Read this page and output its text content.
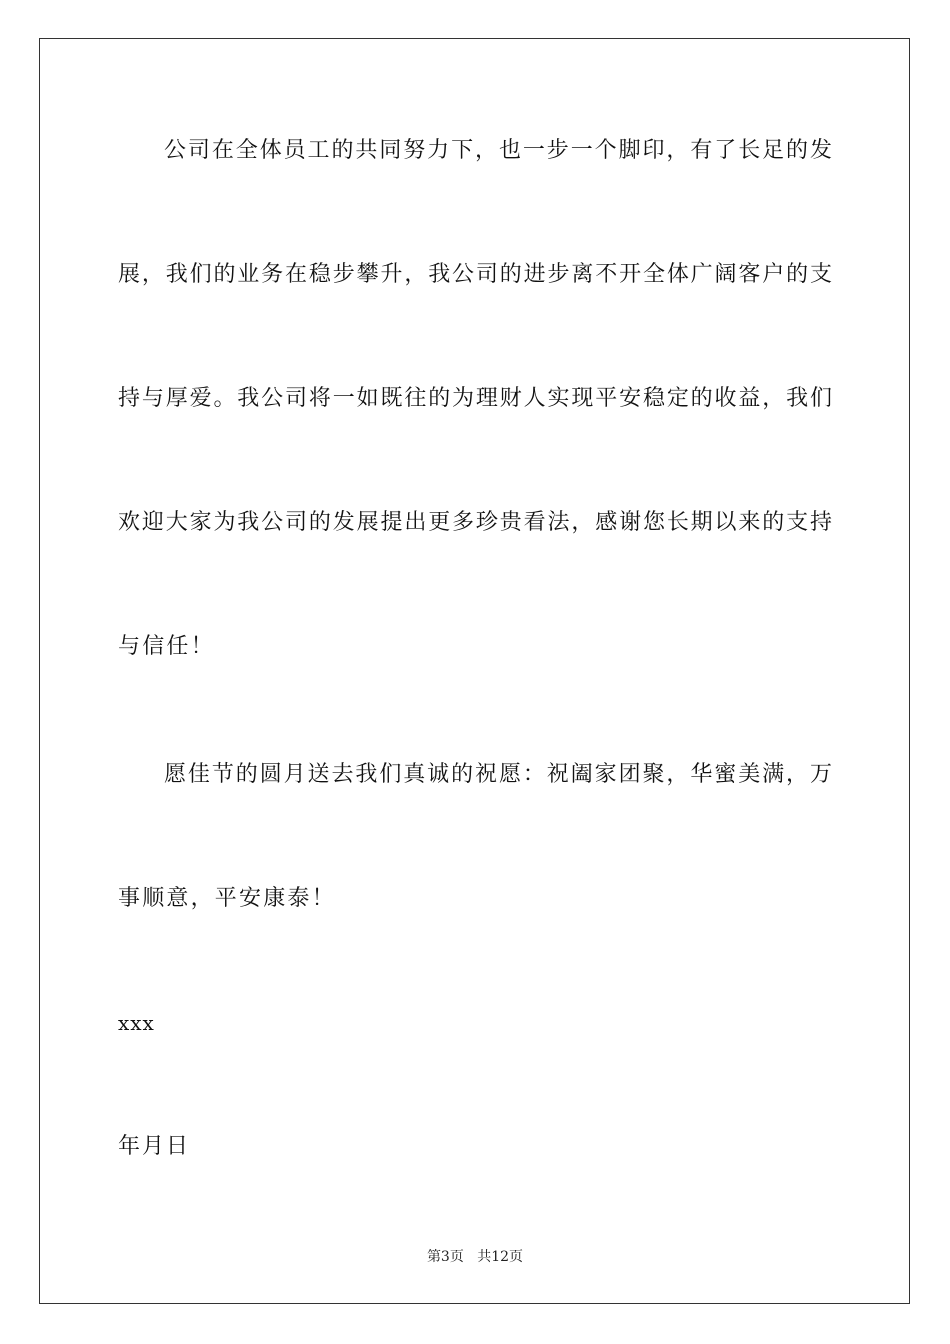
公司在全体员工的共同努力下，也一步一个脚印，有了长足的发
展，我们的业务在稳步攀升，我公司的进步离不开全体广阔客户的支
持与厚爱。我公司将一如既往的为理财人实现平安稳定的收益，我们
欢迎大家为我公司的发展提出更多珍贵看法，感谢您长期以来的支持
与信任！
愿佳节的圆月送去我们真诚的祝愿：祝阖家团聚，华蜜美满，万
事顺意，平安康泰！
xxx
年月日
第3页 共12页
